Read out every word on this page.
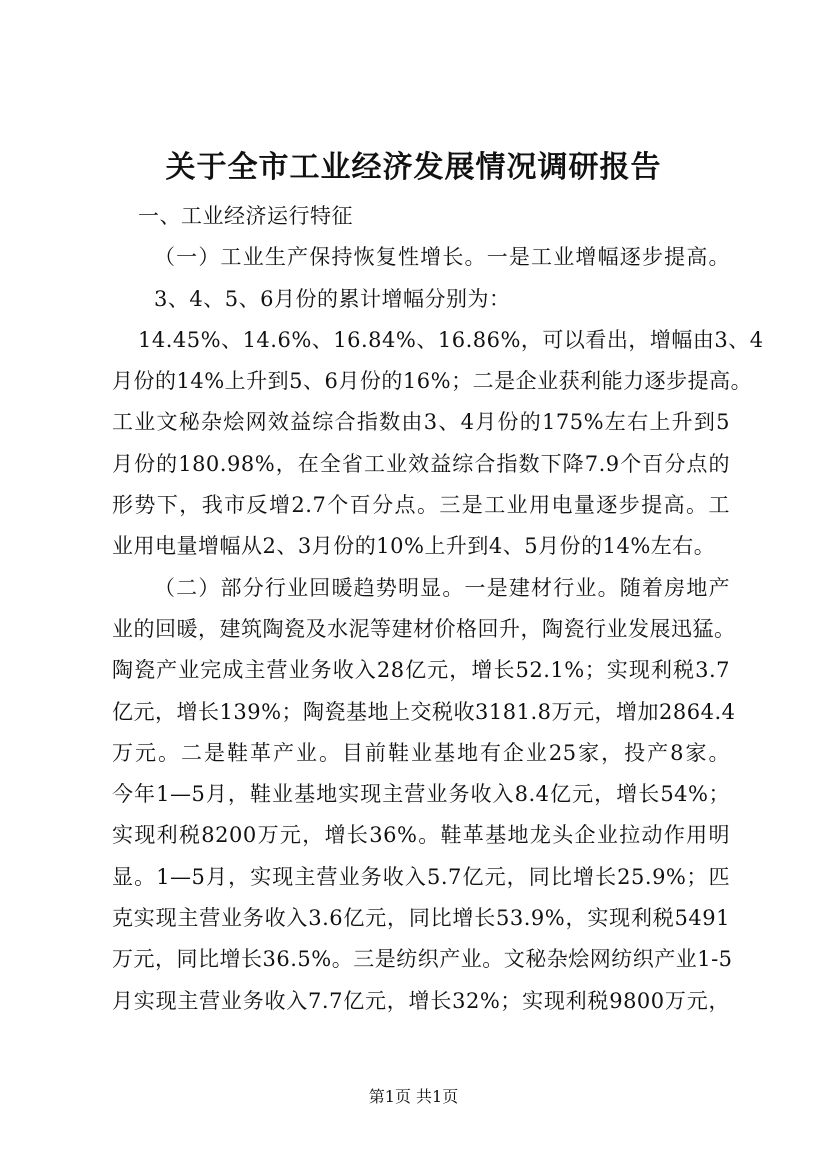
关于全市工业经济发展情况调研报告
一、工业经济运行特征
（一）工业生产保持恢复性增长。一是工业增幅逐步提高。
3、4、5、6月份的累计增幅分别为：
14.45%、14.6%、16.84%、16.86%，可以看出，增幅由3、4
月份的14%上升到5、6月份的16%；二是企业获利能力逐步提高。
工业文秘杂烩网效益综合指数由3、4月份的175%左右上升到5
月份的180.98%，在全省工业效益综合指数下降7.9个百分点的
形势下，我市反增2.7个百分点。三是工业用电量逐步提高。工
业用电量增幅从2、3月份的10%上升到4、5月份的14%左右。
（二）部分行业回暖趋势明显。一是建材行业。随着房地产
业的回暖，建筑陶瓷及水泥等建材价格回升，陶瓷行业发展迅猛。
陶瓷产业完成主营业务收入28亿元，增长52.1%；实现利税3.7
亿元，增长139%；陶瓷基地上交税收3181.8万元，增加2864.4
万元。二是鞋革产业。目前鞋业基地有企业25家，投产8家。
今年1—5月，鞋业基地实现主营业务收入8.4亿元，增长54%；
实现利税8200万元，增长36%。鞋革基地龙头企业拉动作用明
显。1—5月，实现主营业务收入5.7亿元，同比增长25.9%；匹
克实现主营业务收入3.6亿元，同比增长53.9%，实现利税5491
万元，同比增长36.5%。三是纺织产业。文秘杂烩网纺织产业1-5
月实现主营业务收入7.7亿元，增长32%；实现利税9800万元，
第1页 共1页
